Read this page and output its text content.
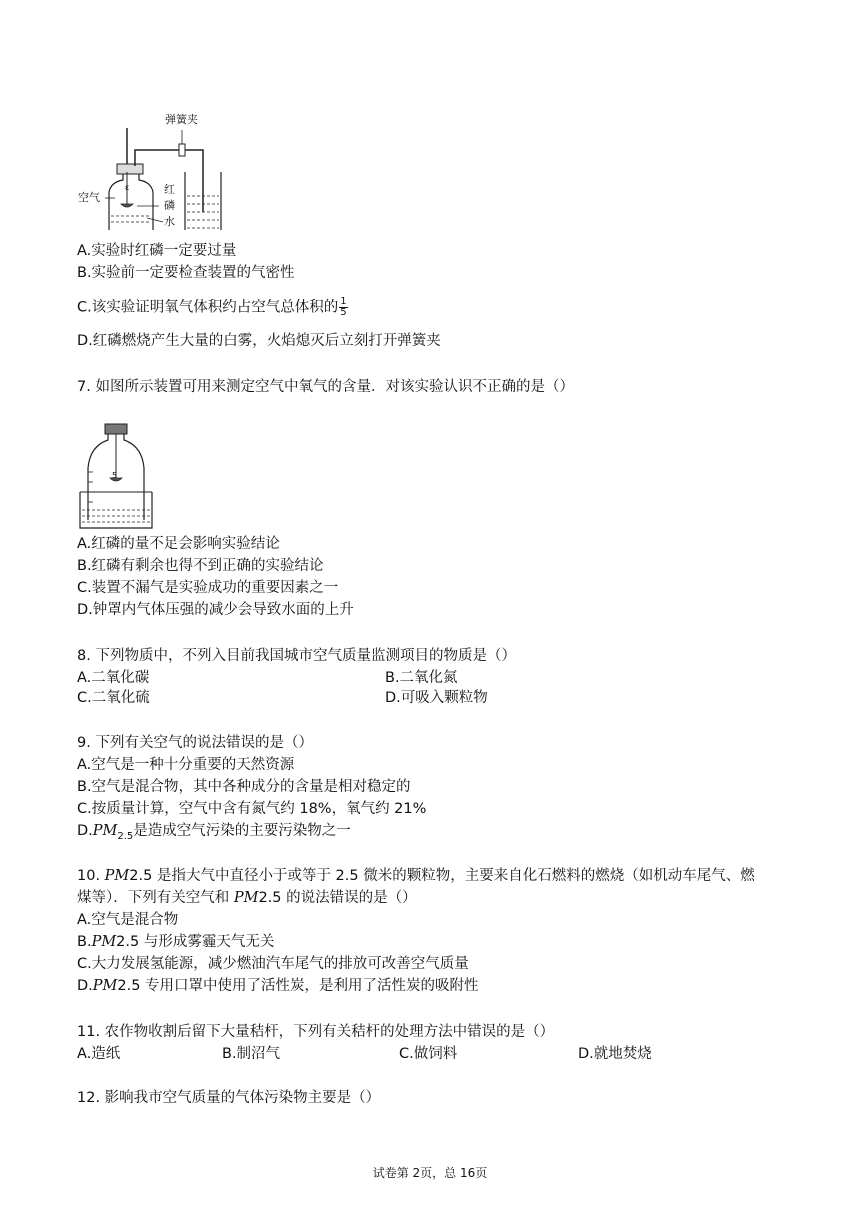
ε
弹簧夹
空气
红
磷
水
A.实验时红磷一定要过量
B.实验前一定要检查装置的气密性
C.该实验证明氧气体积约占空气总体积的 $\frac{1}{5}$
D.红磷燃烧产生大量的白雾，火焰熄灭后立刻打开弹簧夹
7. 如图所示装置可用来测定空气中氧气的含量．对该实验认识不正确的是（）
5
A.红磷的量不足会影响实验结论
B.红磷有剩余也得不到正确的实验结论
C.装置不漏气是实验成功的重要因素之一
D.钟罩内气体压强的减少会导致水面的上升
8. 下列物质中，不列入目前我国城市空气质量监测项目的物质是（）
A.二氧化碳	B.二氧化氮
C.二氧化硫	D.可吸入颗粒物
9. 下列有关空气的说法错误的是（）
A.空气是一种十分重要的天然资源
B.空气是混合物，其中各种成分的含量是相对稳定的
C.按质量计算，空气中含有氮气约 18%，氧气约 21%
$D.PM_{2.5}$是造成空气污染的主要污染物之一
10. PM2.5 是指大气中直径小于或等于 2.5 微米的颗粒物，主要来自化石燃料的燃烧（如机动车尾气、燃
煤等）．下列有关空气和 PM2.5 的说法错误的是（）
A.空气是混合物
B.PM2.5 与形成雾霾天气无关
C.大力发展氢能源，减少燃油汽车尾气的排放可改善空气质量
D.PM2.5 专用口罩中使用了活性炭，是利用了活性炭的吸附性
11. 农作物收割后留下大量秸杆，下列有关秸杆的处理方法中错误的是（）
A.造纸	B.制沼气	C.做饲料	D.就地焚烧
12. 影响我市空气质量的气体污染物主要是（）
试卷第 2页，总 16页
